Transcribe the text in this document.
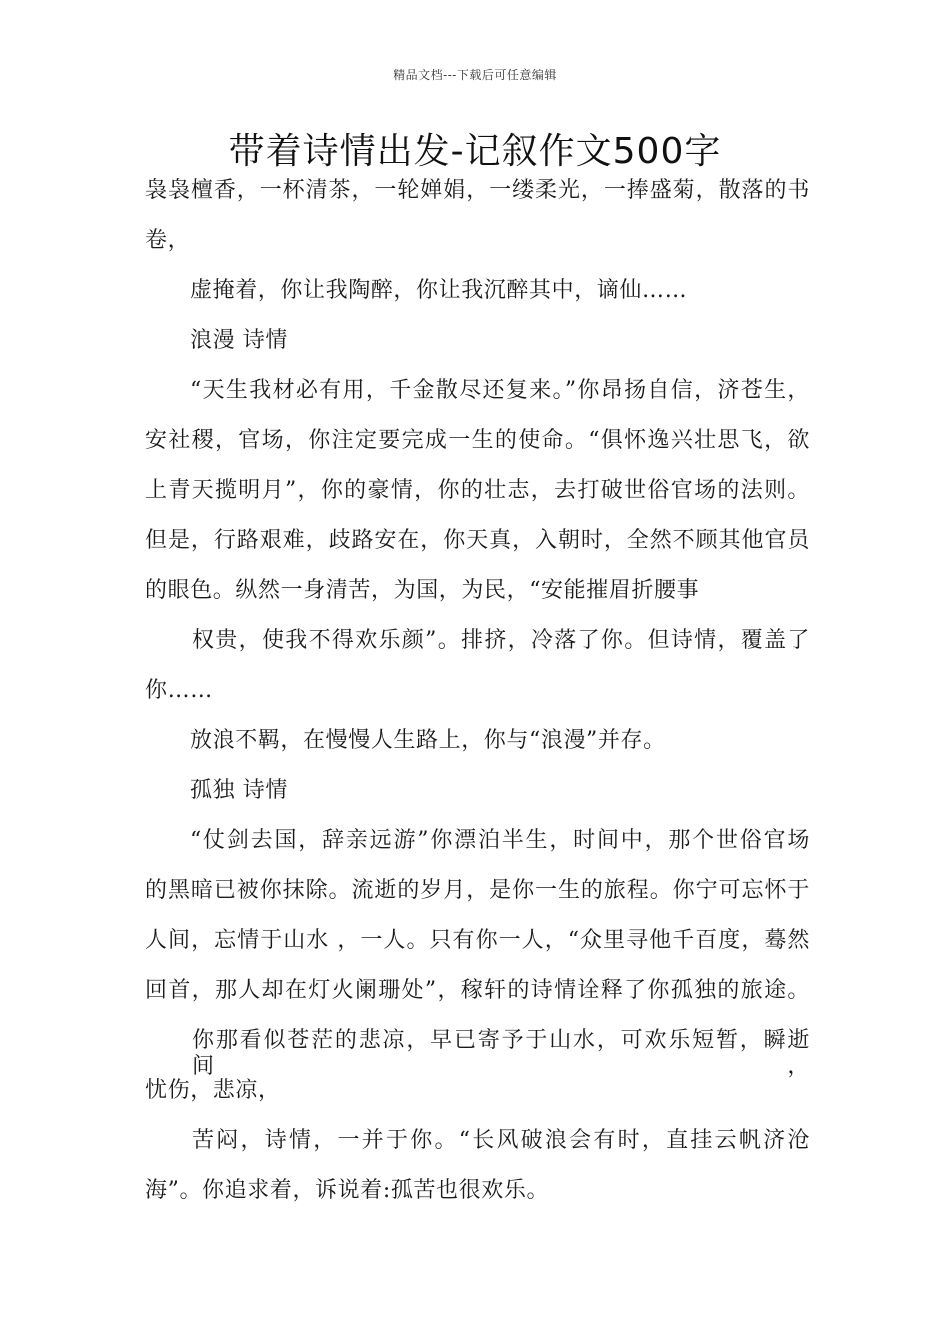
精品文档---下载后可任意编辑
带着诗情出发-记叙作文500字
袅袅檀香，一杯清茶，一轮婵娟，一缕柔光，一捧盛菊，散落的书
卷，
虚掩着，你让我陶醉，你让我沉醉其中，谪仙……
浪漫 诗情
“天生我材必有用，千金散尽还复来。”你昂扬自信，济苍生，
安社稷，官场，你注定要完成一生的使命。“俱怀逸兴壮思飞，欲
上青天揽明月”，你的豪情，你的壮志，去打破世俗官场的法则。
但是，行路艰难，歧路安在，你天真，入朝时，全然不顾其他官员
的眼色。纵然一身清苦，为国，为民，“安能摧眉折腰事
权贵，使我不得欢乐颜”。排挤，冷落了你。但诗情，覆盖了
你……
放浪不羁，在慢慢人生路上，你与“浪漫”并存。
孤独 诗情
“仗剑去国，辞亲远游”你漂泊半生，时间中，那个世俗官场
的黑暗已被你抹除。流逝的岁月，是你一生的旅程。你宁可忘怀于
人间，忘情于山水 ，一人。只有你一人，“众里寻他千百度，蓦然
回首，那人却在灯火阑珊处”，稼轩的诗情诠释了你孤独的旅途。
你那看似苍茫的悲凉，早已寄予于山水，可欢乐短暂，瞬逝间，
忧伤，悲凉，
苦闷，诗情，一并于你。“长风破浪会有时，直挂云帆济沧
海”。你追求着，诉说着:孤苦也很欢乐。
